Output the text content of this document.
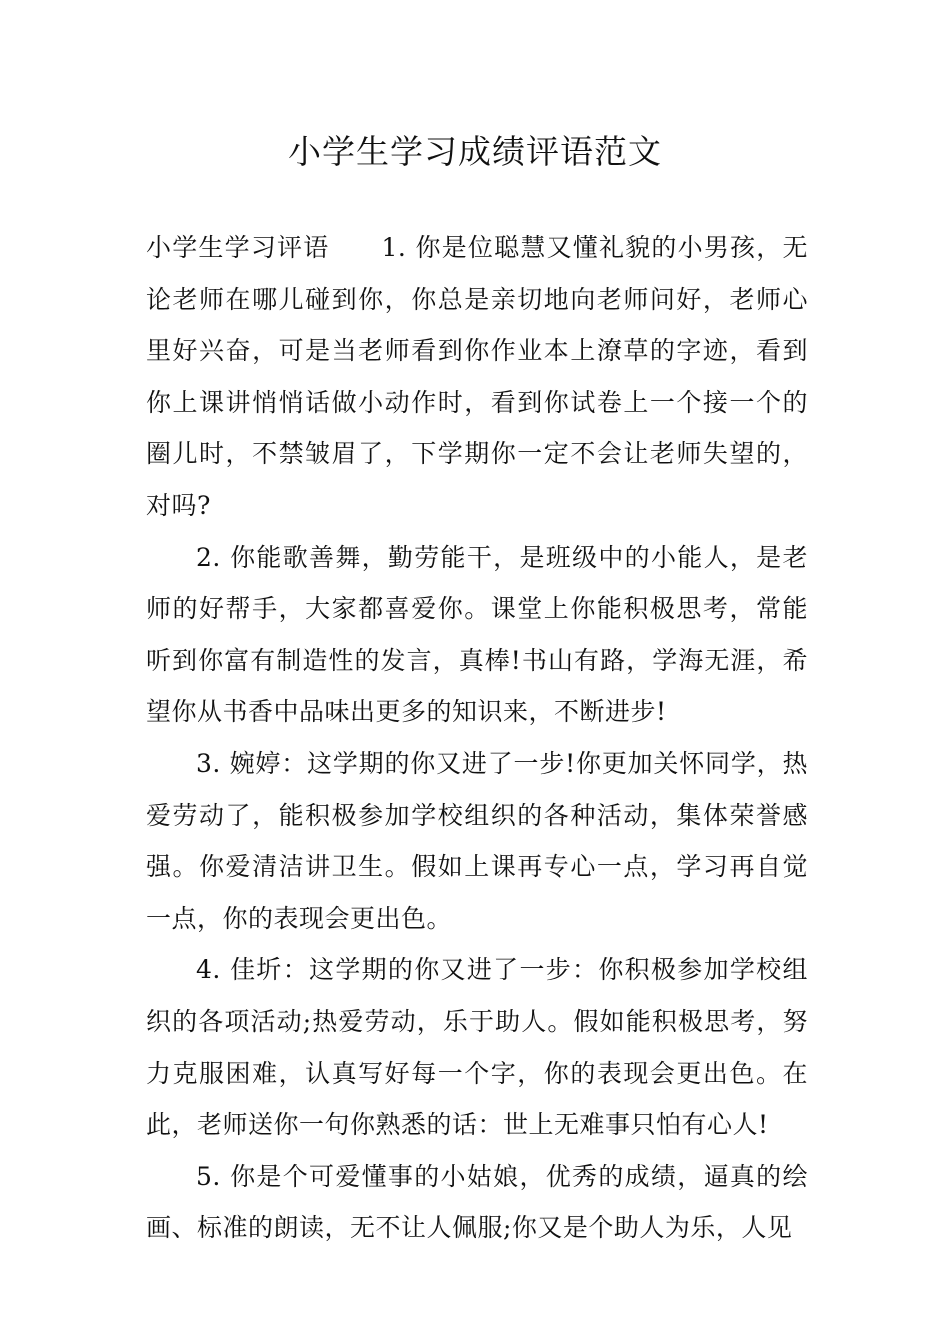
小学生学习成绩评语范文

小学生学习评语 1. 你是位聪慧又懂礼貌的小男孩，无论老师在哪儿碰到你，你总是亲切地向老师问好，老师心里好兴奋，可是当老师看到你作业本上潦草的字迹，看到你上课讲悄悄话做小动作时，看到你试卷上一个接一个的圈儿时，不禁皱眉了，下学期你一定不会让老师失望的，对吗?

2. 你能歌善舞，勤劳能干，是班级中的小能人，是老师的好帮手，大家都喜爱你。课堂上你能积极思考，常能听到你富有制造性的发言，真棒!书山有路，学海无涯，希望你从书香中品味出更多的知识来，不断进步!

3. 婉婷：这学期的你又进了一步!你更加关怀同学，热爱劳动了，能积极参加学校组织的各种活动，集体荣誉感强。你爱清洁讲卫生。假如上课再专心一点，学习再自觉一点，你的表现会更出色。

4. 佳圻：这学期的你又进了一步：你积极参加学校组织的各项活动;热爱劳动，乐于助人。假如能积极思考，努力克服困难，认真写好每一个字，你的表现会更出色。在此，老师送你一句你熟悉的话：世上无难事只怕有心人!

5. 你是个可爱懂事的小姑娘，优秀的成绩，逼真的绘画、标准的朗读，无不让人佩服;你又是个助人为乐，人见
